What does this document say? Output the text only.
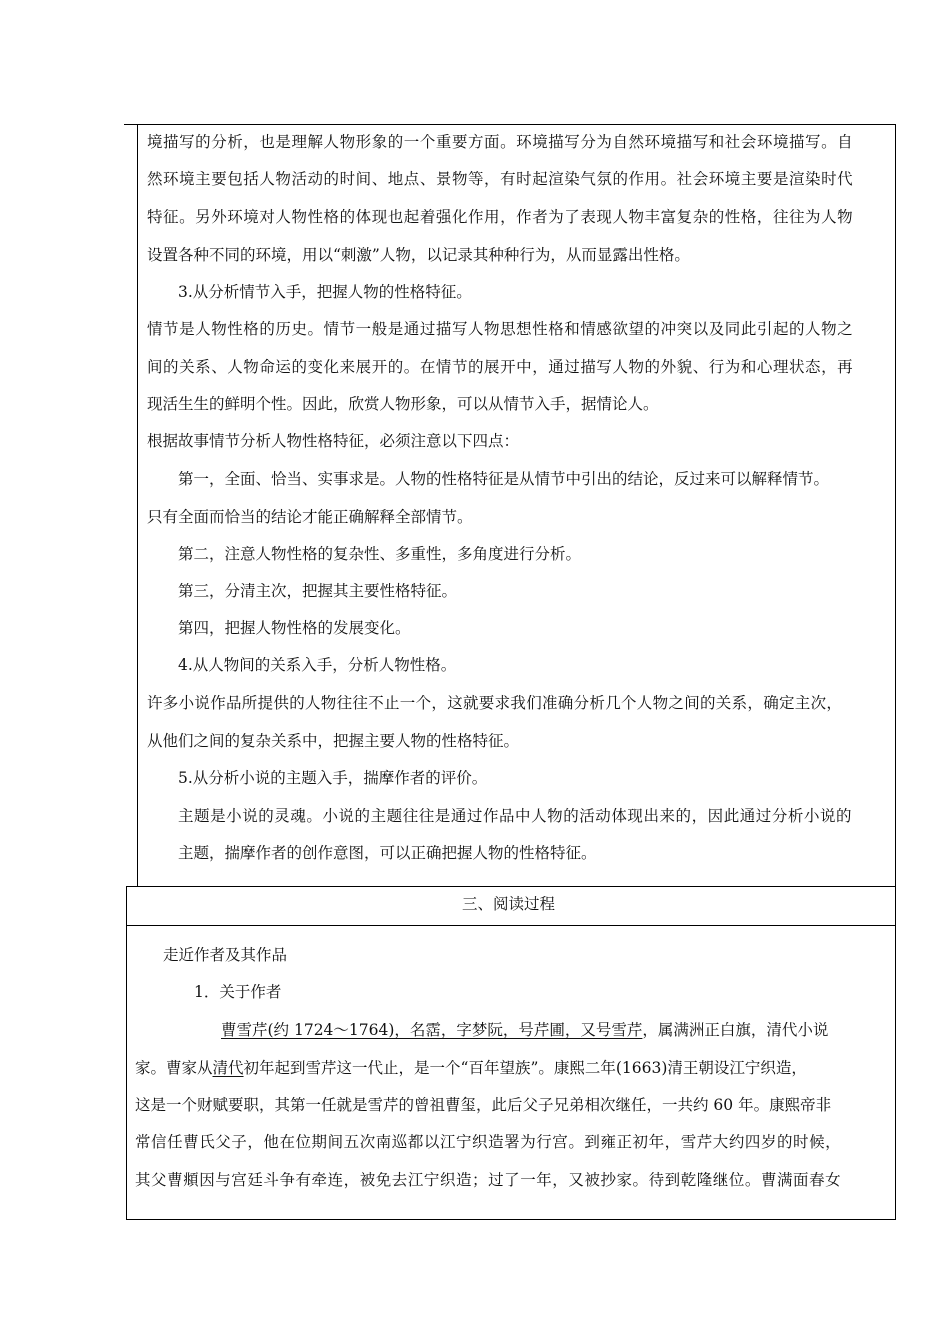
境描写的分析，也是理解人物形象的一个重要方面。环境描写分为自然环境描写和社会环境描写。自
然环境主要包括人物活动的时间、地点、景物等，有时起渲染气氛的作用。社会环境主要是渲染时代
特征。另外环境对人物性格的体现也起着强化作用，作者为了表现人物丰富复杂的性格，往往为人物
设置各种不同的环境，用以“刺激”人物，以记录其种种行为，从而显露出性格。
3.从分析情节入手，把握人物的性格特征。
情节是人物性格的历史。情节一般是通过描写人物思想性格和情感欲望的冲突以及同此引起的人物之
间的关系、人物命运的变化来展开的。在情节的展开中，通过描写人物的外貌、行为和心理状态，再
现活生生的鲜明个性。因此，欣赏人物形象，可以从情节入手，据情论人。
根据故事情节分析人物性格特征，必须注意以下四点：
第一，全面、恰当、实事求是。人物的性格特征是从情节中引出的结论，反过来可以解释情节。
只有全面而恰当的结论才能正确解释全部情节。
第二，注意人物性格的复杂性、多重性，多角度进行分析。
第三，分清主次，把握其主要性格特征。
第四，把握人物性格的发展变化。
4.从人物间的关系入手，分析人物性格。
许多小说作品所提供的人物往往不止一个，这就要求我们准确分析几个人物之间的关系，确定主次，
从他们之间的复杂关系中，把握主要人物的性格特征。
5.从分析小说的主题入手，揣摩作者的评价。
主题是小说的灵魂。小说的主题往往是通过作品中人物的活动体现出来的，因此通过分析小说的
主题，揣摩作者的创作意图，可以正确把握人物的性格特征。
三、阅读过程
走近作者及其作品
1．关于作者
曹雪芹(约 1724～1764)，名霑，字梦阮，号芹圃，又号雪芹，属满洲正白旗，清代小说
家。曹家从清代初年起到雪芹这一代止，是一个“百年望族”。康熙二年(1663)清王朝设江宁织造，
这是一个财赋要职，其第一任就是雪芹的曾祖曹玺，此后父子兄弟相次继任，一共约 60 年。康熙帝非
常信任曹氏父子，他在位期间五次南巡都以江宁织造署为行宫。到雍正初年，雪芹大约四岁的时候，
其父曹頫因与宫廷斗争有牵连，被免去江宁织造；过了一年，又被抄家。待到乾隆继位。曹满面春女
